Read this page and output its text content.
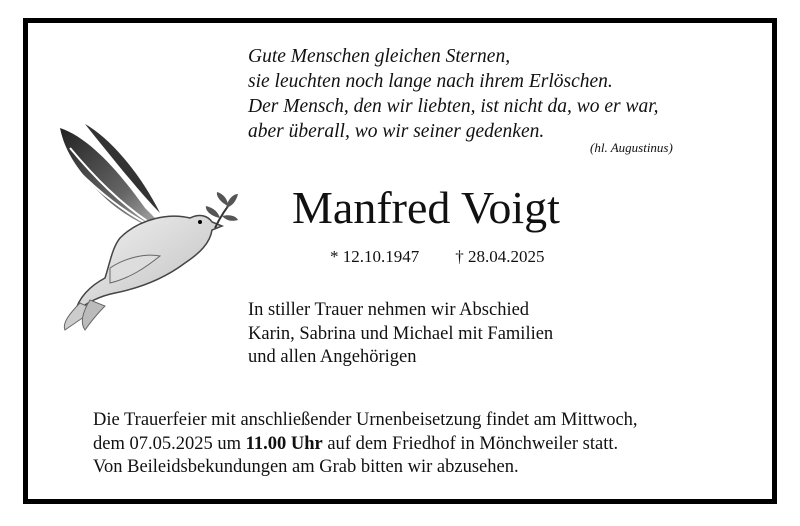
Gute Menschen gleichen Sternen,
sie leuchten noch lange nach ihrem Erlöschen.
Der Mensch, den wir liebten, ist nicht da, wo er war,
aber überall, wo wir seiner gedenken.
(hl. Augustinus)
Manfred Voigt
* 12.10.1947 † 28.04.2025
In stiller Trauer nehmen wir Abschied
Karin, Sabrina und Michael mit Familien
und allen Angehörigen
Die Trauerfeier mit anschließender Urnenbeisetzung findet am Mittwoch,
dem 07.05.2025 um 11.00 Uhr auf dem Friedhof in Mönchweiler statt.
Von Beileidsbekundungen am Grab bitten wir abzusehen.
